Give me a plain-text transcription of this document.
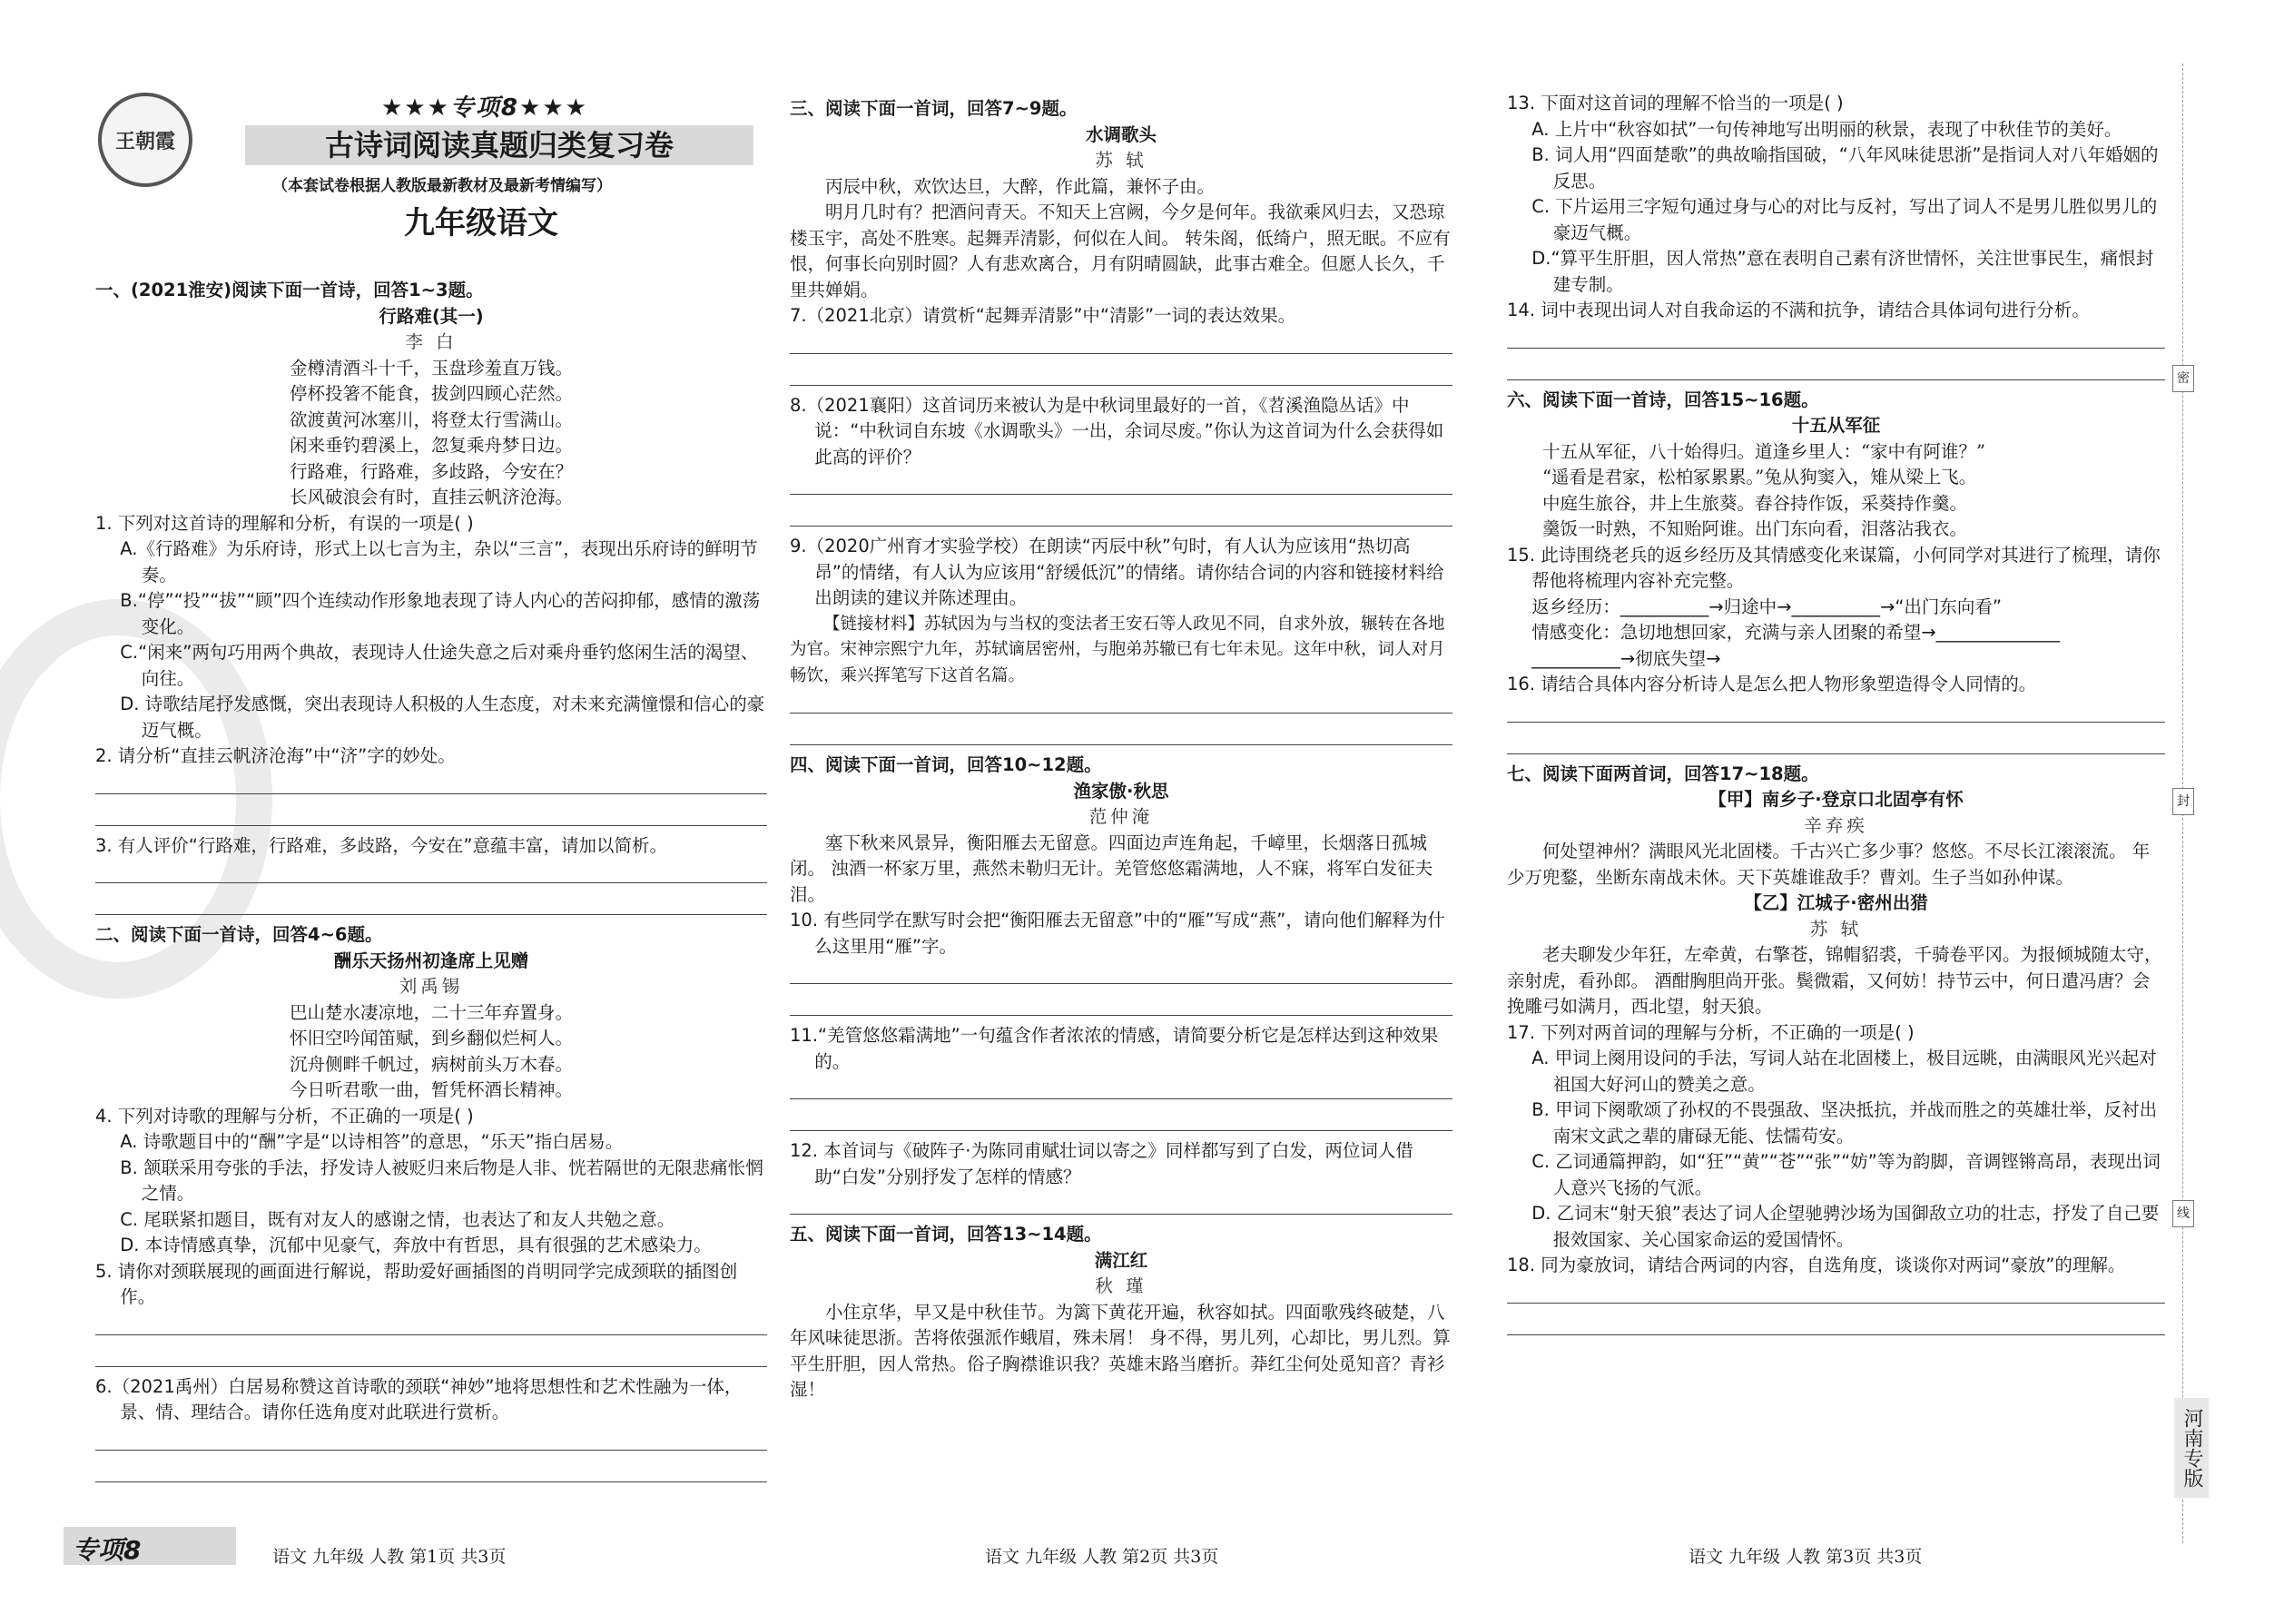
密
封
线
河南专版
王朝霞
★★★专项8★★★
古诗词阅读真题归类复习卷
（本套试卷根据人教版最新教材及最新考情编写）
九年级语文
一、(2021淮安)阅读下面一首诗，回答1~3题。
行路难(其一)
李 白
金樽清酒斗十千，玉盘珍羞直万钱。
停杯投箸不能食，拔剑四顾心茫然。
欲渡黄河冰塞川，将登太行雪满山。
闲来垂钓碧溪上，忽复乘舟梦日边。
行路难，行路难，多歧路，今安在？
长风破浪会有时，直挂云帆济沧海。
1. 下列对这首诗的理解和分析，有误的一项是( )
A.《行路难》为乐府诗，形式上以七言为主，杂以“三言”，表现出乐府诗的鲜明节奏。
B.“停”“投”“拔”“顾”四个连续动作形象地表现了诗人内心的苦闷抑郁，感情的激荡变化。
C.“闲来”两句巧用两个典故，表现诗人仕途失意之后对乘舟垂钓悠闲生活的渴望、向往。
D. 诗歌结尾抒发感慨，突出表现诗人积极的人生态度，对未来充满憧憬和信心的豪迈气概。
2. 请分析“直挂云帆济沧海”中“济”字的妙处。
3. 有人评价“行路难，行路难，多歧路，今安在”意蕴丰富，请加以简析。
二、阅读下面一首诗，回答4~6题。
酬乐天扬州初逢席上见赠
刘禹锡
巴山楚水凄凉地，二十三年弃置身。
怀旧空吟闻笛赋，到乡翻似烂柯人。
沉舟侧畔千帆过，病树前头万木春。
今日听君歌一曲，暂凭杯酒长精神。
4. 下列对诗歌的理解与分析，不正确的一项是( )
A. 诗歌题目中的“酬”字是“以诗相答”的意思，“乐天”指白居易。
B. 颔联采用夸张的手法，抒发诗人被贬归来后物是人非、恍若隔世的无限悲痛怅惘之情。
C. 尾联紧扣题目，既有对友人的感谢之情，也表达了和友人共勉之意。
D. 本诗情感真挚，沉郁中见豪气，奔放中有哲思，具有很强的艺术感染力。
5. 请你对颈联展现的画面进行解说，帮助爱好画插图的肖明同学完成颈联的插图创作。
6.（2021禹州）白居易称赞这首诗歌的颈联“神妙”地将思想性和艺术性融为一体，景、情、理结合。请你任选角度对此联进行赏析。
三、阅读下面一首词，回答7~9题。
水调歌头
苏 轼
丙辰中秋，欢饮达旦，大醉，作此篇，兼怀子由。
明月几时有？把酒问青天。不知天上宫阙，今夕是何年。我欲乘风归去，又恐琼楼玉宇，高处不胜寒。起舞弄清影，何似在人间。 转朱阁，低绮户，照无眠。不应有恨，何事长向别时圆？人有悲欢离合，月有阴晴圆缺，此事古难全。但愿人长久，千里共婵娟。
7.（2021北京）请赏析“起舞弄清影”中“清影”一词的表达效果。
8.（2021襄阳）这首词历来被认为是中秋词里最好的一首，《苕溪渔隐丛话》中说：“中秋词自东坡《水调歌头》一出，余词尽废。”你认为这首词为什么会获得如此高的评价？
9.（2020广州育才实验学校）在朗读“丙辰中秋”句时，有人认为应该用“热切高昂”的情绪，有人认为应该用“舒缓低沉”的情绪。请你结合词的内容和链接材料给出朗读的建议并陈述理由。
【链接材料】苏轼因为与当权的变法者王安石等人政见不同，自求外放，辗转在各地为官。宋神宗熙宁九年，苏轼谪居密州，与胞弟苏辙已有七年未见。这年中秋，词人对月畅饮，乘兴挥笔写下这首名篇。
四、阅读下面一首词，回答10~12题。
渔家傲·秋思
范仲淹
塞下秋来风景异，衡阳雁去无留意。四面边声连角起，千嶂里，长烟落日孤城闭。 浊酒一杯家万里，燕然未勒归无计。羌管悠悠霜满地，人不寐，将军白发征夫泪。
10. 有些同学在默写时会把“衡阳雁去无留意”中的“雁”写成“燕”，请向他们解释为什么这里用“雁”字。
11.“羌管悠悠霜满地”一句蕴含作者浓浓的情感，请简要分析它是怎样达到这种效果的。
12. 本首词与《破阵子·为陈同甫赋壮词以寄之》同样都写到了白发，两位词人借助“白发”分别抒发了怎样的情感？
五、阅读下面一首词，回答13~14题。
满江红
秋 瑾
小住京华，早又是中秋佳节。为篱下黄花开遍，秋容如拭。四面歌残终破楚，八年风味徒思浙。苦将侬强派作蛾眉，殊未屑！ 身不得，男儿列，心却比，男儿烈。算平生肝胆，因人常热。俗子胸襟谁识我？英雄末路当磨折。莽红尘何处觅知音？青衫湿！
13. 下面对这首词的理解不恰当的一项是( )
A. 上片中“秋容如拭”一句传神地写出明丽的秋景，表现了中秋佳节的美好。
B. 词人用“四面楚歌”的典故喻指国破，“八年风味徒思浙”是指词人对八年婚姻的反思。
C. 下片运用三字短句通过身与心的对比与反衬，写出了词人不是男儿胜似男儿的豪迈气概。
D.“算平生肝胆，因人常热”意在表明自己素有济世情怀，关注世事民生，痛恨封建专制。
14. 词中表现出词人对自我命运的不满和抗争，请结合具体词句进行分析。
六、阅读下面一首诗，回答15~16题。
十五从军征
十五从军征，八十始得归。道逢乡里人：“家中有阿谁？”
“遥看是君家，松柏冢累累。”兔从狗窦入，雉从梁上飞。
中庭生旅谷，井上生旅葵。舂谷持作饭，采葵持作羹。
羹饭一时熟，不知贻阿谁。出门东向看，泪落沾我衣。
15. 此诗围绕老兵的返乡经历及其情感变化来谋篇，小何同学对其进行了梳理，请你帮他将梳理内容补充完整。
返乡经历：__________→归途中→__________→“出门东向看”
情感变化：急切地想回家，充满与亲人团聚的希望→______________
__________→彻底失望→
16. 请结合具体内容分析诗人是怎么把人物形象塑造得令人同情的。
七、阅读下面两首词，回答17~18题。
【甲】南乡子·登京口北固亭有怀
辛弃疾
何处望神州？满眼风光北固楼。千古兴亡多少事？悠悠。不尽长江滚滚流。 年少万兜鍪，坐断东南战未休。天下英雄谁敌手？曹刘。生子当如孙仲谋。
【乙】江城子·密州出猎
苏 轼
老夫聊发少年狂，左牵黄，右擎苍，锦帽貂裘，千骑卷平冈。为报倾城随太守，亲射虎，看孙郎。 酒酣胸胆尚开张。鬓微霜，又何妨！持节云中，何日遣冯唐？会挽雕弓如满月，西北望，射天狼。
17. 下列对两首词的理解与分析，不正确的一项是( )
A. 甲词上阕用设问的手法，写词人站在北固楼上，极目远眺，由满眼风光兴起对祖国大好河山的赞美之意。
B. 甲词下阕歌颂了孙权的不畏强敌、坚决抵抗，并战而胜之的英雄壮举，反衬出南宋文武之辈的庸碌无能、怯懦苟安。
C. 乙词通篇押韵，如“狂”“黄”“苍”“张”“妨”等为韵脚，音调铿锵高昂，表现出词人意兴飞扬的气派。
D. 乙词末“射天狼”表达了词人企望驰骋沙场为国御敌立功的壮志，抒发了自己要报效国家、关心国家命运的爱国情怀。
18. 同为豪放词，请结合两词的内容，自选角度，谈谈你对两词“豪放”的理解。
专项8	语文 九年级 人教 第1页 共3页	语文 九年级 人教 第2页 共3页	语文 九年级 人教 第3页 共3页
